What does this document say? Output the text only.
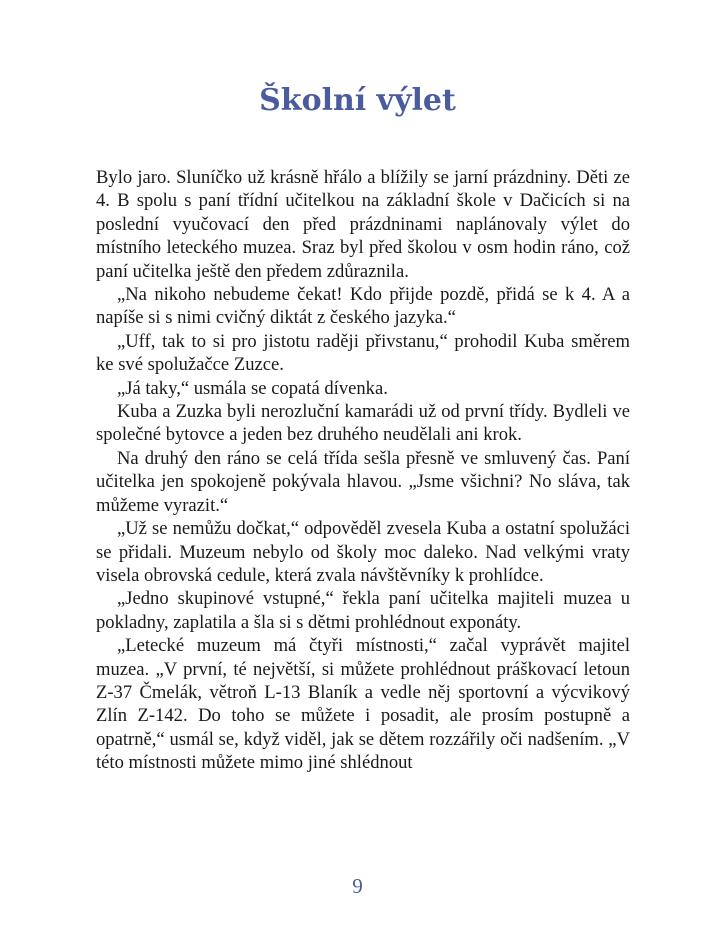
Školní výlet

Bylo jaro. Sluníčko už krásně hřálo a blížily se jarní prázdniny. Děti ze 4. B spolu s paní třídní učitelkou na základní škole v Dačicích si na poslední vyučovací den před prázdninami naplánovaly výlet do místního leteckého muzea. Sraz byl před školou v osm hodin ráno, což paní učitelka ještě den předem zdůraznila.

„Na nikoho nebudeme čekat! Kdo přijde pozdě, přidá se k 4. A a napíše si s nimi cvičný diktát z českého jazyka.“

„Uff, tak to si pro jistotu raději přivstanu,“ prohodil Kuba směrem ke své spolužačce Zuzce.

„Já taky,“ usmála se copatá dívenka.

Kuba a Zuzka byli nerozluční kamarádi už od první třídy. Bydleli ve společné bytovce a jeden bez druhého neudělali ani krok.

Na druhý den ráno se celá třída sešla přesně ve smluvený čas. Paní učitelka jen spokojeně pokývala hlavou. „Jsme všichni? No sláva, tak můžeme vyrazit.“

„Už se nemůžu dočkat,“ odpověděl zvesela Kuba a ostatní spolužáci se přidali. Muzeum nebylo od školy moc daleko. Nad velkými vraty visela obrovská cedule, která zvala návštěvníky k prohlídce.

„Jedno skupinové vstupné,“ řekla paní učitelka majiteli muzea u pokladny, zaplatila a šla si s dětmi prohlédnout exponáty.

„Letecké muzeum má čtyři místnosti,“ začal vyprávět majitel muzea. „V první, té největší, si můžete prohlédnout práškovací letoun Z-37 Čmelák, větroň L-13 Blaník a vedle něj sportovní a výcvikový Zlín Z-142. Do toho se můžete i posadit, ale prosím postupně a opatrně,“ usmál se, když viděl, jak se dětem rozzářily oči nadšením. „V této místnosti můžete mimo jiné shlédnout

9
